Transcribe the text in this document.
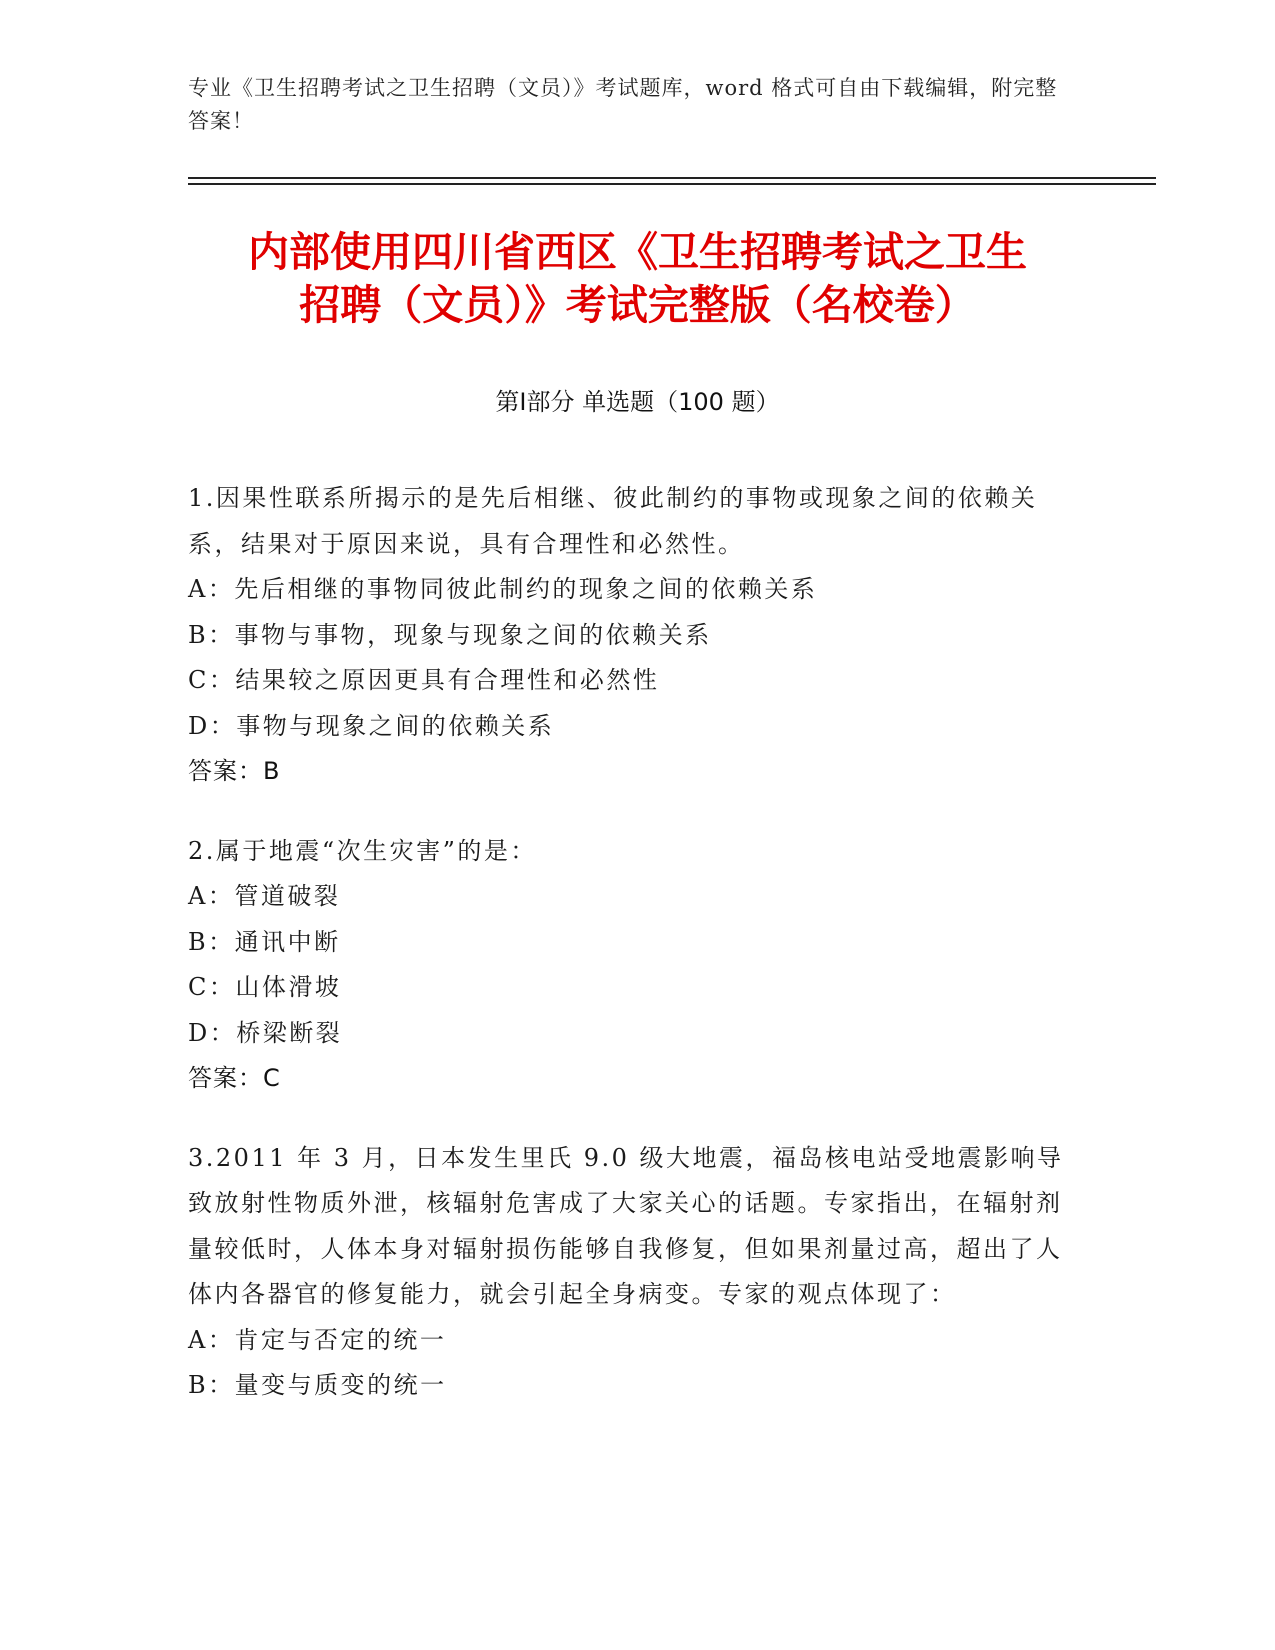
专业《卫生招聘考试之卫生招聘（文员）》考试题库，word 格式可自由下载编辑，附完整答案！
内部使用四川省西区《卫生招聘考试之卫生
招聘（文员）》考试完整版（名校卷）
第Ⅰ部分 单选题（100 题）
1.因果性联系所揭示的是先后相继、彼此制约的事物或现象之间的依赖关系，结果对于原因来说，具有合理性和必然性。
A：先后相继的事物同彼此制约的现象之间的依赖关系
B：事物与事物，现象与现象之间的依赖关系
C：结果较之原因更具有合理性和必然性
D：事物与现象之间的依赖关系
答案：B
2.属于地震“次生灾害”的是：
A：管道破裂
B：通讯中断
C：山体滑坡
D：桥梁断裂
答案：C
3.2011 年 3 月，日本发生里氏 9.0 级大地震，福岛核电站受地震影响导致放射性物质外泄，核辐射危害成了大家关心的话题。专家指出，在辐射剂量较低时，人体本身对辐射损伤能够自我修复，但如果剂量过高，超出了人体内各器官的修复能力，就会引起全身病变。专家的观点体现了：
A：肯定与否定的统一
B：量变与质变的统一
